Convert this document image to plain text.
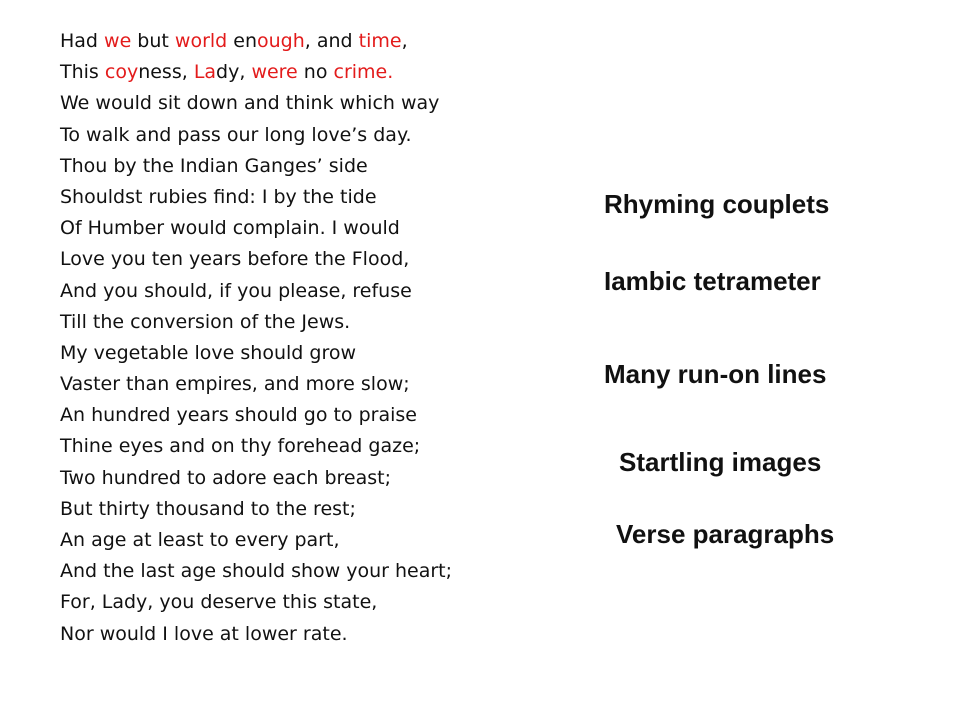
Had we but world enough, and time,
This coyness, Lady, were no crime.
We would sit down and think which way
To walk and pass our long love’s day.
Thou by the Indian Ganges’ side
Shouldst rubies find: I by the tide
Of Humber would complain. I would
Love you ten years before the Flood,
And you should, if you please, refuse
Till the conversion of the Jews.
My vegetable love should grow
Vaster than empires, and more slow;
An hundred years should go to praise
Thine eyes and on thy forehead gaze;
Two hundred to adore each breast;
But thirty thousand to the rest;
An age at least to every part,
And the last age should show your heart;
For, Lady, you deserve this state,
Nor would I love at lower rate.
Rhyming couplets
Iambic tetrameter
Many run-on lines
Startling images
Verse paragraphs
